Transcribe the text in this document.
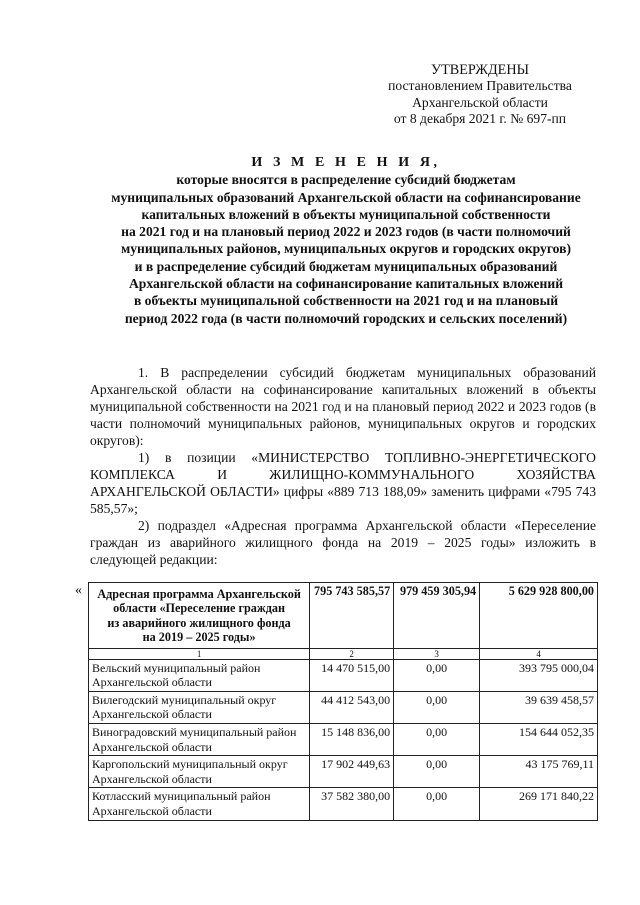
УТВЕРЖДЕНЫ
постановлением Правительства
Архангельской области
от 8 декабря 2021 г. № 697-пп
И З М Е Н Е Н И Я,
которые вносятся в распределение субсидий бюджетам
муниципальных образований Архангельской области на софинансирование
капитальных вложений в объекты муниципальной собственности
на 2021 год и на плановый период 2022 и 2023 годов (в части полномочий
муниципальных районов, муниципальных округов и городских округов)
и в распределение субсидий бюджетам муниципальных образований
Архангельской области на софинансирование капитальных вложений
в объекты муниципальной собственности на 2021 год и на плановый
период 2022 года (в части полномочий городских и сельских поселений)

1. В распределении субсидий бюджетам муниципальных образований Архангельской области на софинансирование капитальных вложений в объекты муниципальной собственности на 2021 год и на плановый период 2022 и 2023 годов (в части полномочий муниципальных районов, муниципальных округов и городских округов):

1) в позиции «МИНИСТЕРСТВО ТОПЛИВНО-ЭНЕРГЕТИЧЕСКОГО КОМПЛЕКСА И ЖИЛИЩНО-КОММУНАЛЬНОГО ХОЗЯЙСТВА АРХАНГЕЛЬСКОЙ ОБЛАСТИ» цифры «889 713 188,09» заменить цифрами «795 743 585,57»;

2) подраздел «Адресная программа Архангельской области «Переселение граждан из аварийного жилищного фонда на 2019 – 2025 годы» изложить в следующей редакции:

« Адресная программа Архангельской
области «Переселение граждан
из аварийного жилищного фонда
на 2019 – 2025 годы»	795 743 585,57	979 459 305,94	5 629 928 800,00
1	2	3	4
Вельский муниципальный район Архангельской области	14 470 515,00	0,00	393 795 000,04
Вилегодский муниципальный округ Архангельской области	44 412 543,00	0,00	39 639 458,57
Виноградовский муниципальный район Архангельской области	15 148 836,00	0,00	154 644 052,35
Каргопольский муниципальный округ Архангельской области	17 902 449,63	0,00	43 175 769,11
Котласский муниципальный район Архангельской области	37 582 380,00	0,00	269 171 840,22
